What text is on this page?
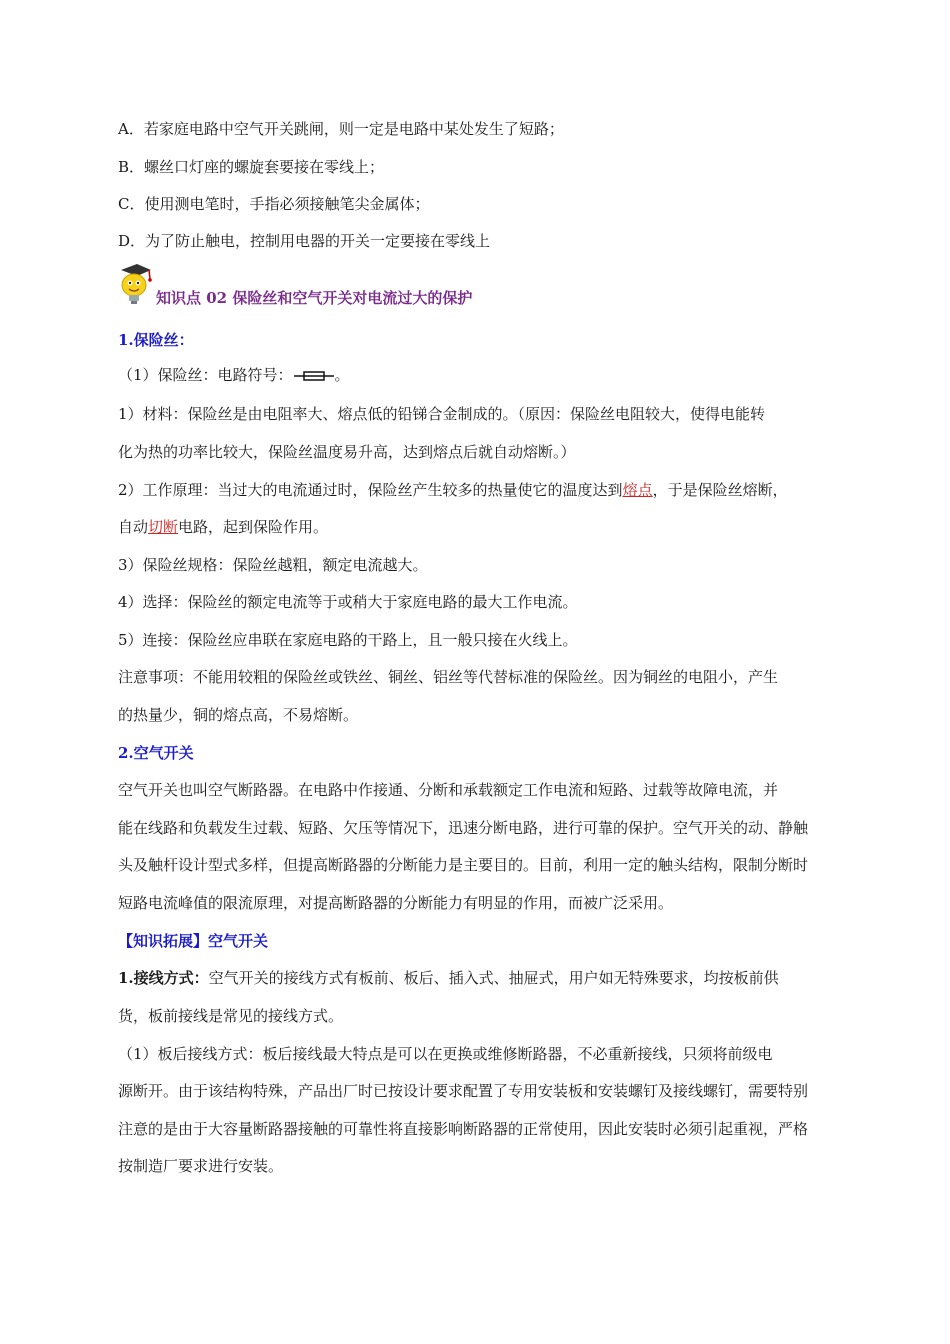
A．若家庭电路中空气开关跳闸，则一定是电路中某处发生了短路；
B．螺丝口灯座的螺旋套要接在零线上；
C．使用测电笔时，手指必须接触笔尖金属体；
D．为了防止触电，控制用电器的开关一定要接在零线上
知识点 02 保险丝和空气开关对电流过大的保护
1.保险丝：
（1）保险丝：电路符号：	。
1）材料：保险丝是由电阻率大、熔点低的铅锑合金制成的。（原因：保险丝电阻较大，使得电能转
化为热的功率比较大，保险丝温度易升高，达到熔点后就自动熔断。）
2）工作原理：当过大的电流通过时，保险丝产生较多的热量使它的温度达到熔点，于是保险丝熔断，
自动切断电路，起到保险作用。
3）保险丝规格：保险丝越粗，额定电流越大。
4）选择：保险丝的额定电流等于或稍大于家庭电路的最大工作电流。
5）连接：保险丝应串联在家庭电路的干路上，且一般只接在火线上。
注意事项：不能用较粗的保险丝或铁丝、铜丝、铝丝等代替标准的保险丝。因为铜丝的电阻小，产生
的热量少，铜的熔点高，不易熔断。
2.空气开关
空气开关也叫空气断路器。在电路中作接通、分断和承载额定工作电流和短路、过载等故障电流，并
能在线路和负载发生过载、短路、欠压等情况下，迅速分断电路，进行可靠的保护。空气开关的动、静触
头及触杆设计型式多样，但提高断路器的分断能力是主要目的。目前，利用一定的触头结构，限制分断时
短路电流峰值的限流原理，对提高断路器的分断能力有明显的作用，而被广泛采用。
【知识拓展】空气开关
1.接线方式：空气开关的接线方式有板前、板后、插入式、抽屉式，用户如无特殊要求，均按板前供
货，板前接线是常见的接线方式。
（1）板后接线方式：板后接线最大特点是可以在更换或维修断路器，不必重新接线，只须将前级电
源断开。由于该结构特殊，产品出厂时已按设计要求配置了专用安装板和安装螺钉及接线螺钉，需要特别
注意的是由于大容量断路器接触的可靠性将直接影响断路器的正常使用，因此安装时必须引起重视，严格
按制造厂要求进行安装。
